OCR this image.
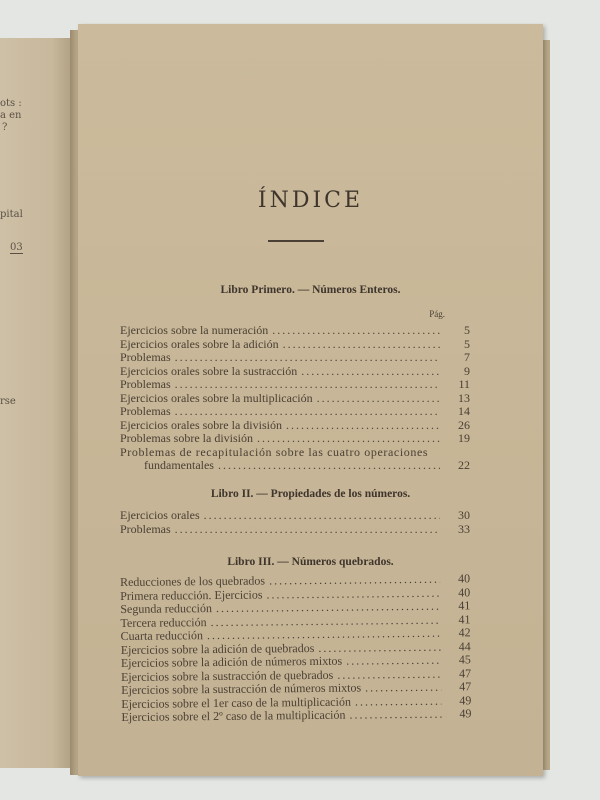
ots :
a en
?
pital
03
rse
ÍNDICE
Libro Primero. — Números Enteros.
Pág.
Ejercicios sobre la numeración .....	5
Ejercicios orales sobre la adición .....	5
Problemas .....	7
Ejercicios orales sobre la sustracción .....	9
Problemas .....	11
Ejercicios orales sobre la multiplicación .....	13
Problemas .....	14
Ejercicios orales sobre la división .....	26
Problemas sobre la división .....	19
Problemas de recapitulación sobre las cuatro operaciones
fundamentales .....	22
Libro II. — Propiedades de los números.
Ejercicios orales .....	30
Problemas .....	33
Libro III. — Números quebrados.
Reducciones de los quebrados .....	40
Primera reducción. Ejercicios .....	40
Segunda reducción .....	41
Tercera reducción .....	41
Cuarta reducción .....	42
Ejercicios sobre la adición de quebrados .....	44
Ejercicios sobre la adición de números mixtos .....	45
Ejercicios sobre la sustracción de quebrados .....	47
Ejercicios sobre la sustracción de números mixtos .....	47
Ejercicios sobre el 1er caso de la multiplicación .....	49
Ejercicios sobre el 2º caso de la multiplicación .....	49
